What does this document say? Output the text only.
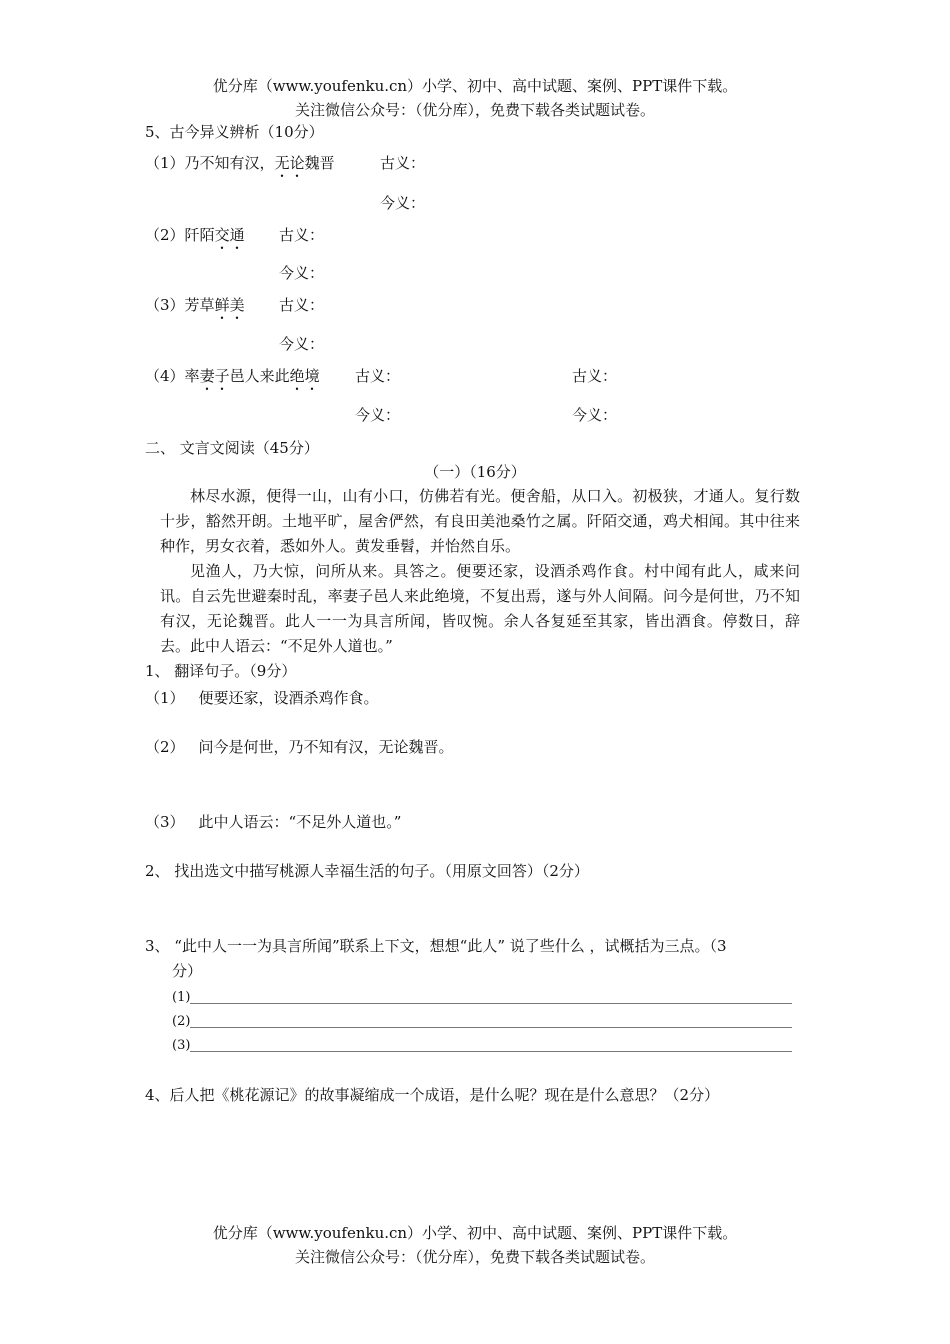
优分库（www.youfenku.cn）小学、初中、高中试题、案例、PPT课件下载。
关注微信公众号：（优分库），免费下载各类试题试卷。
5、古今异义辨析（10分）
（1）乃不知有汉，无论魏晋	古义：
今义：
（2）阡陌交通 古义：
今义：
（3）芳草鲜美 古义：
今义：
（4）率妻子邑人来此绝境 古义：	古义：
今义：	今义：
二、 文言文阅读（45分）
（一）（16分）

林尽水源，便得一山，山有小口，仿佛若有光。便舍船，从口入。初极狭，才通人。复行数十步，豁然开朗。土地平旷，屋舍俨然，有良田美池桑竹之属。阡陌交通，鸡犬相闻。其中往来种作，男女衣着，悉如外人。黄发垂髫，并怡然自乐。

见渔人，乃大惊，问所从来。具答之。便要还家，设酒杀鸡作食。村中闻有此人，咸来问讯。自云先世避秦时乱，率妻子邑人来此绝境，不复出焉，遂与外人间隔。问今是何世，乃不知有汉，无论魏晋。此人一一为具言所闻，皆叹惋。余人各复延至其家，皆出酒食。停数日，辞去。此中人语云：“不足外人道也。”

1、 翻译句子。（9分）
（1） 便要还家，设酒杀鸡作食。
（2） 问今是何世，乃不知有汉，无论魏晋。
（3） 此中人语云：“不足外人道也。”
2、 找出选文中描写桃源人幸福生活的句子。（用原文回答）（2分）
3、 “此中人一一为具言所闻”联系上下文，想想“此人” 说了些什么 ，试概括为三点。（3
分）
(1)
(2)
(3)
4、后人把《桃花源记》的故事凝缩成一个成语，是什么呢？现在是什么意思？（2分）
优分库（www.youfenku.cn）小学、初中、高中试题、案例、PPT课件下载。
关注微信公众号：（优分库），免费下载各类试题试卷。
